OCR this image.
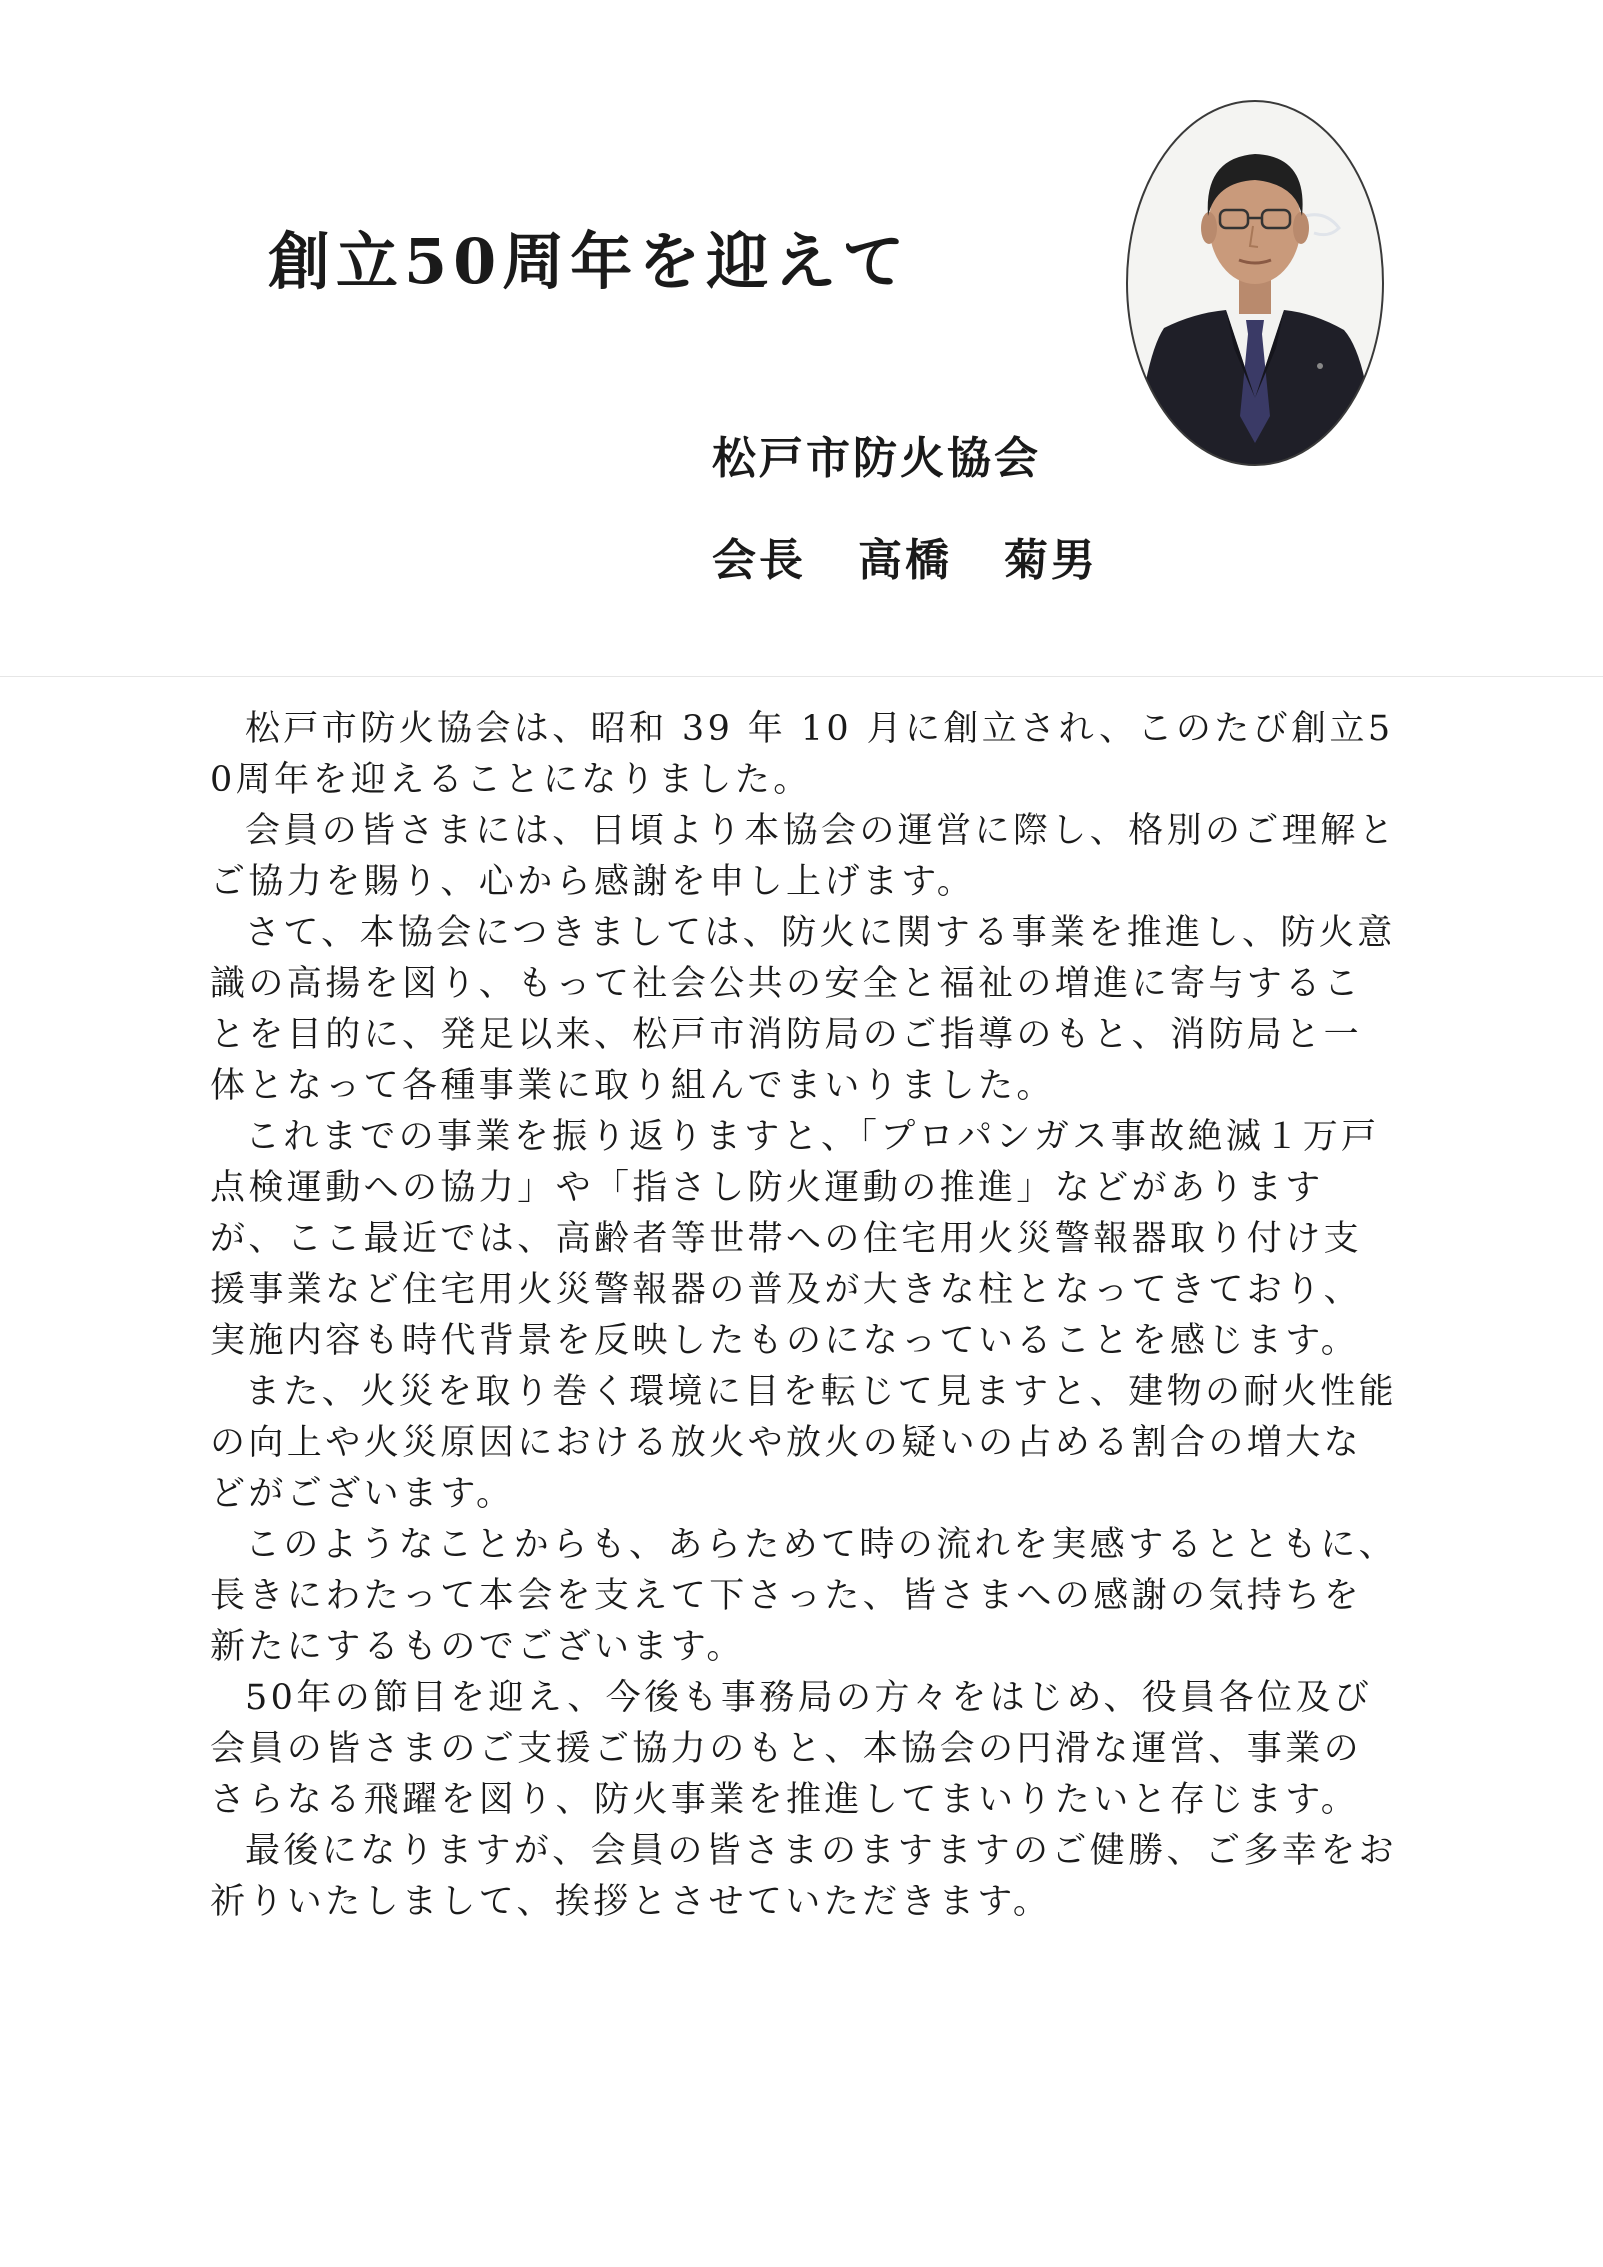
創立50周年を迎えて
松戸市防火協会
会長 高橋 菊男

松戸市防火協会は、昭和 39 年 10 月に創立され、このたび創立50周年を迎えることになりました。

会員の皆さまには、日頃より本協会の運営に際し、格別のご理解とご協力を賜り、心から感謝を申し上げます。

さて、本協会につきましては、防火に関する事業を推進し、防火意識の高揚を図り、もって社会公共の安全と福祉の増進に寄与することを目的に、発足以来、松戸市消防局のご指導のもと、消防局と一体となって各種事業に取り組んでまいりました。

これまでの事業を振り返りますと、「プロパンガス事故絶滅１万戸点検運動への協力」や「指さし防火運動の推進」などがありますが、ここ最近では、高齢者等世帯への住宅用火災警報器取り付け支援事業など住宅用火災警報器の普及が大きな柱となってきており、実施内容も時代背景を反映したものになっていることを感じます。

また、火災を取り巻く環境に目を転じて見ますと、建物の耐火性能の向上や火災原因における放火や放火の疑いの占める割合の増大などがございます。

このようなことからも、あらためて時の流れを実感するとともに、長きにわたって本会を支えて下さった、皆さまへの感謝の気持ちを新たにするものでございます。

50年の節目を迎え、今後も事務局の方々をはじめ、役員各位及び会員の皆さまのご支援ご協力のもと、本協会の円滑な運営、事業のさらなる飛躍を図り、防火事業を推進してまいりたいと存じます。

最後になりますが、会員の皆さまのますますのご健勝、ご多幸をお祈りいたしまして、挨拶とさせていただきます。
